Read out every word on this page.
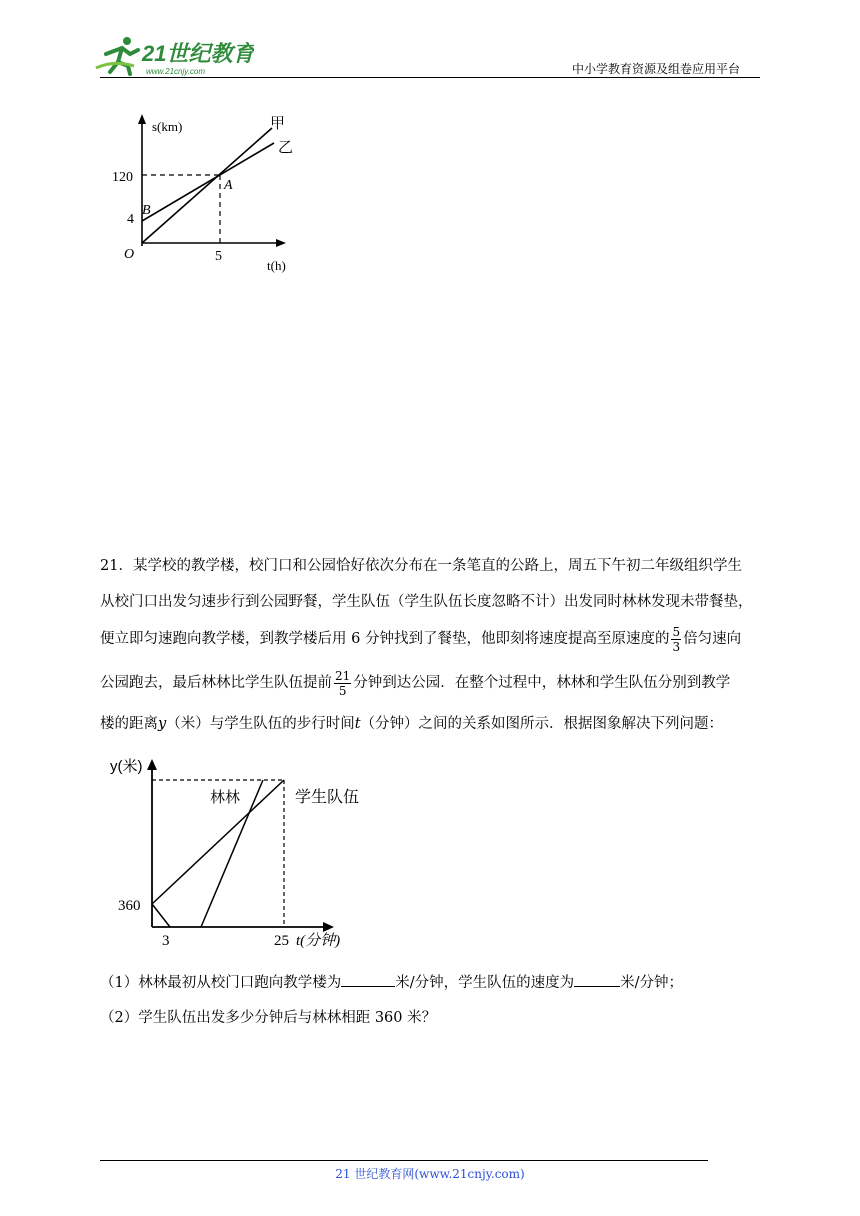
21世纪教育
www.21cnjy.com	中小学教育资源及组卷应用平台
s(km)
t(h)
O
120
4
5
A
B
甲
乙
21．某学校的教学楼，校门口和公园恰好依次分布在一条笔直的公路上，周五下午初二年级组织学生
从校门口出发匀速步行到公园野餐，学生队伍（学生队伍长度忽略不计）出发同时林林发现未带餐垫，
便立即匀速跑向教学楼，到教学楼后用 6 分钟找到了餐垫，他即刻将速度提高至原速度的 $\frac{5}{3}$ 倍匀速向
公园跑去，最后林林比学生队伍提前 $\frac{21}{5}$ 分钟到达公园．在整个过程中，林林和学生队伍分别到教学
楼的距离y（米）与学生队伍的步行时间t（分钟）之间的关系如图所示．根据图象解决下列问题：
y(米)
t(分钟)
林林	学生队伍
360
3	25
（1）林林最初从校门口跑向教学楼为	米/分钟，学生队伍的速度为	米/分钟；
（2）学生队伍出发多少分钟后与林林相距 360 米？
21 世纪教育网(www.21cnjy.com)
